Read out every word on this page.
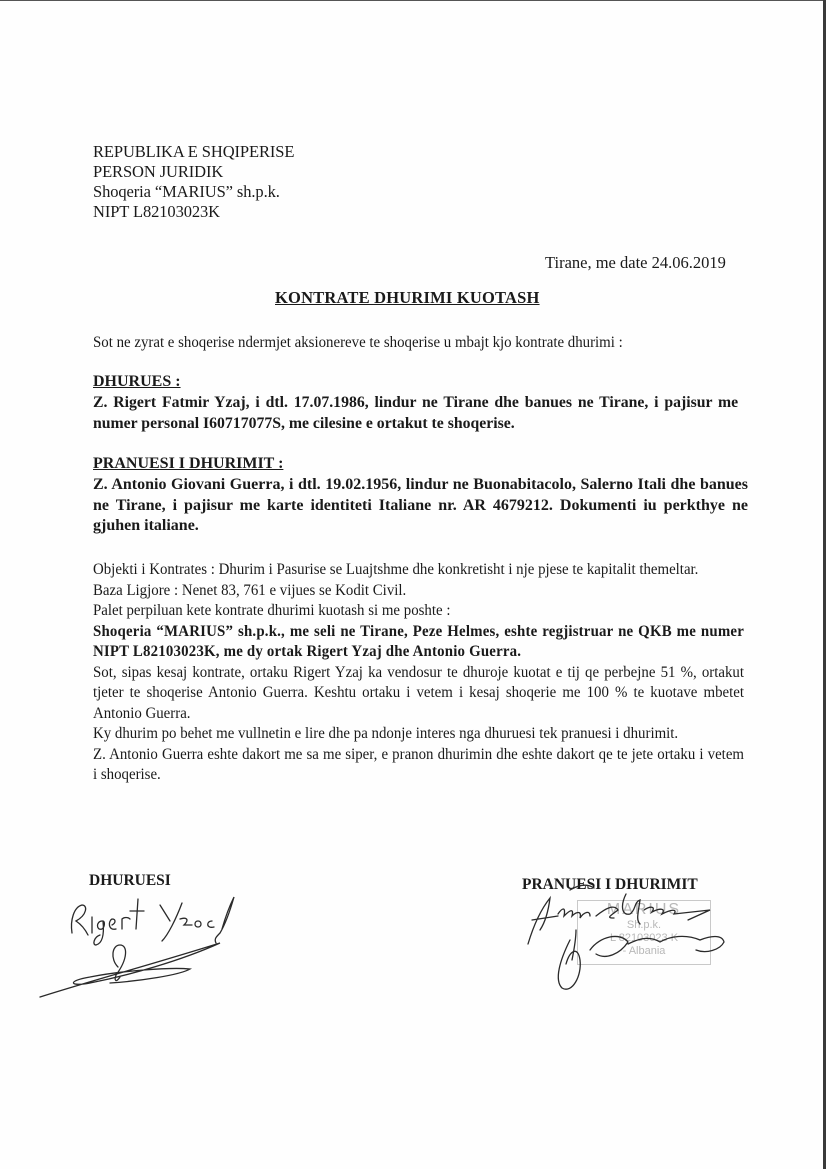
REPUBLIKA E SHQIPERISE
PERSON JURIDIK
Shoqeria “MARIUS” sh.p.k.
NIPT L82103023K
Tirane, me date 24.06.2019
KONTRATE DHURIMI KUOTASH
Sot ne zyrat e shoqerise ndermjet aksionereve te shoqerise u mbajt kjo kontrate dhurimi :
DHURUES :
Z. Rigert Fatmir Yzaj, i dtl. 17.07.1986, lindur ne Tirane dhe banues ne Tirane, i pajisur me numer personal I60717077S, me cilesine e ortakut te shoqerise.
PRANUESI I DHURIMIT :
Z. Antonio Giovani Guerra, i dtl. 19.02.1956, lindur ne Buonabitacolo, Salerno Itali dhe banues ne Tirane, i pajisur me karte identiteti Italiane nr. AR 4679212. Dokumenti iu perkthye ne gjuhen italiane.

Objekti i Kontrates : Dhurim i Pasurise se Luajtshme dhe konkretisht i nje pjese te kapitalit themeltar.

Baza Ligjore : Nenet 83, 761 e vijues se Kodit Civil.

Palet perpiluan kete kontrate dhurimi kuotash si me poshte :

Shoqeria “MARIUS” sh.p.k., me seli ne Tirane, Peze Helmes, eshte regjistruar ne QKB me numer NIPT L82103023K, me dy ortak Rigert Yzaj dhe Antonio Guerra.

Sot, sipas kesaj kontrate, ortaku Rigert Yzaj ka vendosur te dhuroje kuotat e tij qe perbejne 51 %, ortakut tjeter te shoqerise Antonio Guerra. Keshtu ortaku i vetem i kesaj shoqerie me 100 % te kuotave mbetet Antonio Guerra.

Ky dhurim po behet me vullnetin e lire dhe pa ndonje interes nga dhuruesi tek pranuesi i dhurimit.

Z. Antonio Guerra eshte dakort me sa me siper, e pranon dhurimin dhe eshte dakort qe te jete ortaku i vetem i shoqerise.

DHURUESI	PRANUESI I DHURIMIT
MARIUS
Sh.p.k.
L 82103023 K
- Albania
